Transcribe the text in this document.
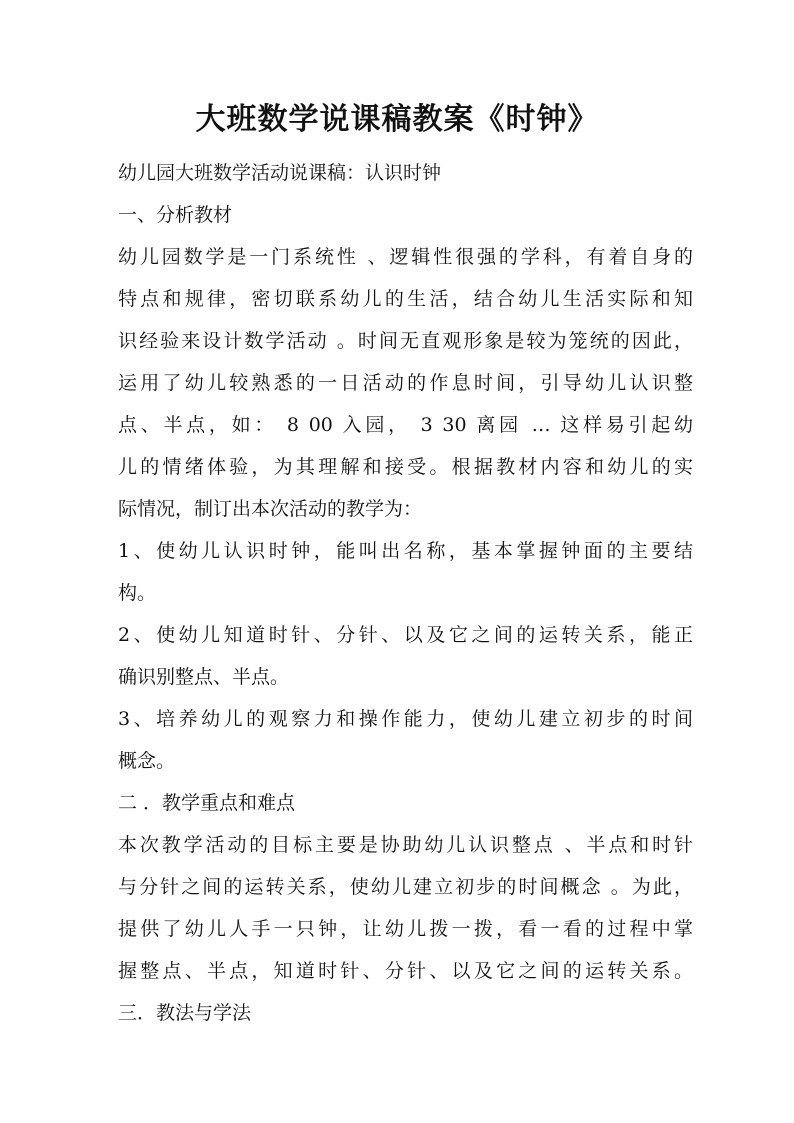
大班数学说课稿教案《时钟》

幼儿园大班数学活动说课稿：认识时钟

一、分析教材

幼儿园数学是一门系统性 、逻辑性很强的学科，有着自身的

特点和规律，密切联系幼儿的生活，结合幼儿生活实际和知

识经验来设计数学活动 。时间无直观形象是较为笼统的因此，

运用了幼儿较熟悉的一日活动的作息时间，引导幼儿认识整

点、半点，如： 8 00 入园， 3 30 离园 … 这样易引起幼

儿的情绪体验，为其理解和接受。根据教材内容和幼儿的实

际情况，制订出本次活动的教学为：

1、使幼儿认识时钟，能叫出名称，基本掌握钟面的主要结

构。

2、使幼儿知道时针、分针、以及它之间的运转关系，能正

确识别整点、半点。

3、培养幼儿的观察力和操作能力，使幼儿建立初步的时间

概念。

二 ．教学重点和难点

本次教学活动的目标主要是协助幼儿认识整点 、半点和时针

与分针之间的运转关系，使幼儿建立初步的时间概念 。为此，

提供了幼儿人手一只钟，让幼儿拨一拨，看一看的过程中掌

握整点、半点，知道时针、分针、以及它之间的运转关系。

三．教法与学法
